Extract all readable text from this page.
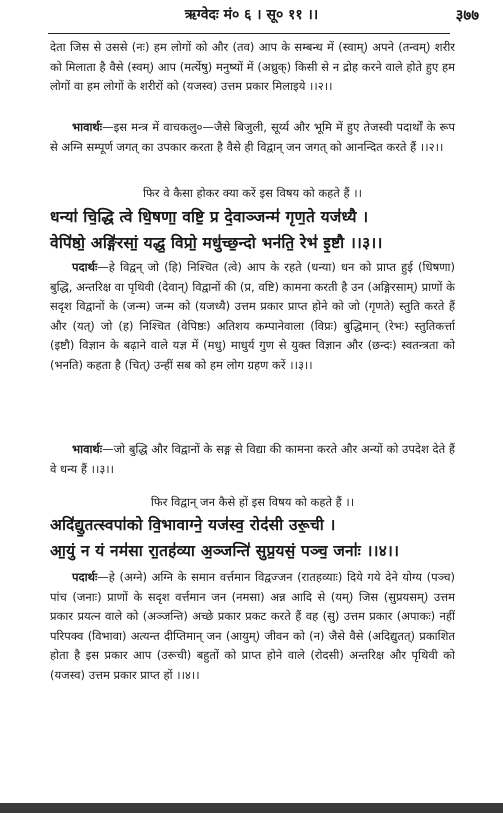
ऋग्वेदः मं० ६ । सू० ११ ।।	३७७

देता जिस से उससे (नः) हम लोगों को और (तव) आप के सम्बन्ध में (स्वाम्) अपने (तन्वम्) शरीर को मिलाता है वैसे (स्वम्) आप (मर्त्येषु) मनुष्यों में (अध्रुक्) किसी से न द्रोह करने वाले होते हुए हम लोगों वा हम लोगों के शरीरों को (यजस्व) उत्तम प्रकार मिलाइये ।।२।।

भावार्थः—इस मन्त्र में वाचकलु०—जैसे बिजुली, सूर्य्य और भूमि में हुए तेजस्वी पदार्थों के रूप से अग्नि सम्पूर्ण जगत् का उपकार करता है वैसे ही विद्वान् जन जगत् को आनन्दित करते हैं ।।२।।

फिर वे कैसा होकर क्या करें इस विषय को कहते हैं ।।

धन्या॑ चि॒द्धि त्वे धि॒षणा॒ वष्टि॒ प्र दे॒वाञ्जन्म॑ गृण॒ते यज॑ध्यै ।

वेपि॑ष्ठो॒ अङ्गि॑रसां॒ यद्ध॒ विप्रो॒ मधु॑च्छ॒न्दो भन॑ति॒ रेभ॑ इ॒ष्टौ ।।३।।

पदार्थः—हे विद्वन् जो (हि) निश्चित (त्वे) आप के रहते (धन्या) धन को प्राप्त हुई (धिषणा) बुद्धि, अन्तरिक्ष वा पृथिवी (देवान्) विद्वानों की (प्र, वष्टि) कामना करती है उन (अङ्गिरसाम्) प्राणों के सदृश विद्वानों के (जन्म) जन्म को (यजध्यै) उत्तम प्रकार प्राप्त होने को जो (गृणते) स्तुति करते हैं और (यत्) जो (ह) निश्चित (वेपिष्ठः) अतिशय कम्पानेवाला (विप्रः) बुद्धिमान् (रेभः) स्तुतिकर्त्ता (इष्टौ) विज्ञान के बढ़ाने वाले यज्ञ में (मधु) माधुर्य गुण से युक्त विज्ञान और (छन्दः) स्वतन्त्रता को (भनति) कहता है (चित्) उन्हीं सब को हम लोग ग्रहण करें ।।३।।

भावार्थः—जो बुद्धि और विद्वानों के सङ्ग से विद्या की कामना करते और अन्यों को उपदेश देते हैं वे धन्य हैं ।।३।।

फिर विद्वान् जन कैसे हों इस विषय को कहते हैं ।।

अदि॑द्यु॒तत्स्वपा॑को वि॒भावाग्ने॒ यज॑स्व॒ रोद॑सी उरू॒ची ।

आ॒युं न यं नम॑सा रा॒तह॑व्या अ॒ञ्जन्ति॑ सुप्र॒यसं॒ पञ्च॒ जनाः॑ ।।४।।

पदार्थः—हे (अग्ने) अग्नि के समान वर्त्तमान विद्वज्जन (रातहव्याः) दिये गये देने योग्य (पञ्च) पांच (जनाः) प्राणों के सदृश वर्त्तमान जन (नमसा) अन्न आदि से (यम्) जिस (सुप्रयसम्) उत्तम प्रकार प्रयत्न वाले को (अञ्जन्ति) अच्छे प्रकार प्रकट करते हैं वह (सु) उत्तम प्रकार (अपाकः) नहीं परिपक्व (विभावा) अत्यन्त दीप्तिमान् जन (आयुम्) जीवन को (न) जैसे वैसे (अदिद्युतत्) प्रकाशित होता है इस प्रकार आप (उरूची) बहुतों को प्राप्त होने वाले (रोदसी) अन्तरिक्ष और पृथिवी को (यजस्व) उत्तम प्रकार प्राप्त हों ।।४।।
